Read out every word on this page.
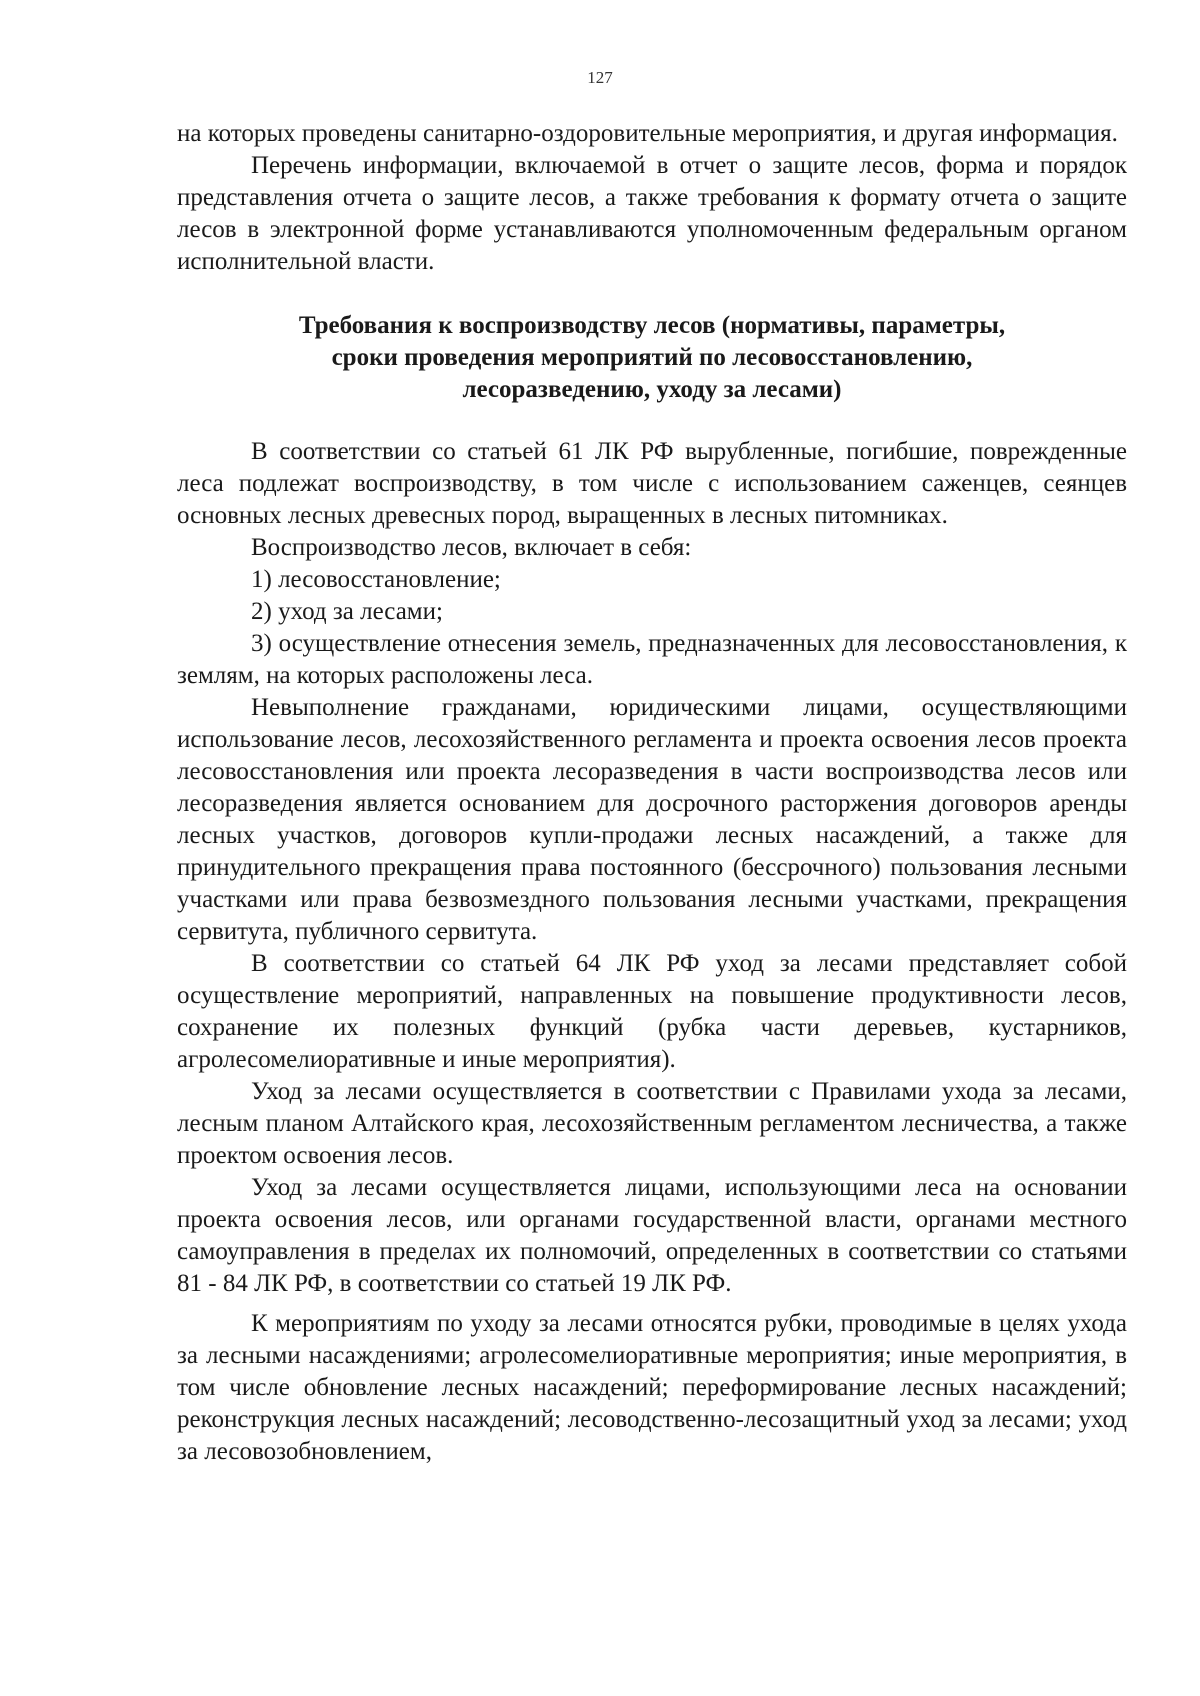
127

на которых проведены санитарно-оздоровительные мероприятия, и другая информация.

Перечень информации, включаемой в отчет о защите лесов, форма и порядок представления отчета о защите лесов, а также требования к формату отчета о защите лесов в электронной форме устанавливаются уполномоченным федеральным органом исполнительной власти.

Требования к воспроизводству лесов (нормативы, параметры,
сроки проведения мероприятий по лесовосстановлению,
лесоразведению, уходу за лесами)

В соответствии со статьей 61 ЛК РФ вырубленные, погибшие, поврежденные леса подлежат воспроизводству, в том числе с использованием саженцев, сеянцев основных лесных древесных пород, выращенных в лесных питомниках.

Воспроизводство лесов, включает в себя:

1) лесовосстановление;

2) уход за лесами;

3) осуществление отнесения земель, предназначенных для лесовосстановления, к землям, на которых расположены леса.

Невыполнение гражданами, юридическими лицами, осуществляющими использование лесов, лесохозяйственного регламента и проекта освоения лесов проекта лесовосстановления или проекта лесоразведения в части воспроизводства лесов или лесоразведения является основанием для досрочного расторжения договоров аренды лесных участков, договоров купли-продажи лесных насаждений, а также для принудительного прекращения права постоянного (бессрочного) пользования лесными участками или права безвозмездного пользования лесными участками, прекращения сервитута, публичного сервитута.

В соответствии со статьей 64 ЛК РФ уход за лесами представляет собой осуществление мероприятий, направленных на повышение продуктивности лесов, сохранение их полезных функций (рубка части деревьев, кустарников, агролесомелиоративные и иные мероприятия).

Уход за лесами осуществляется в соответствии с Правилами ухода за лесами, лесным планом Алтайского края, лесохозяйственным регламентом лесничества, а также проектом освоения лесов.

Уход за лесами осуществляется лицами, использующими леса на основании проекта освоения лесов, или органами государственной власти, органами местного самоуправления в пределах их полномочий, определенных в соответствии со статьями 81 - 84 ЛК РФ, в соответствии со статьей 19 ЛК РФ.

К мероприятиям по уходу за лесами относятся рубки, проводимые в целях ухода за лесными насаждениями; агролесомелиоративные мероприятия; иные мероприятия, в том числе обновление лесных насаждений; переформирование лесных насаждений; реконструкция лесных насаждений; лесоводственно-лесозащитный уход за лесами; уход за лесовозобновлением,
